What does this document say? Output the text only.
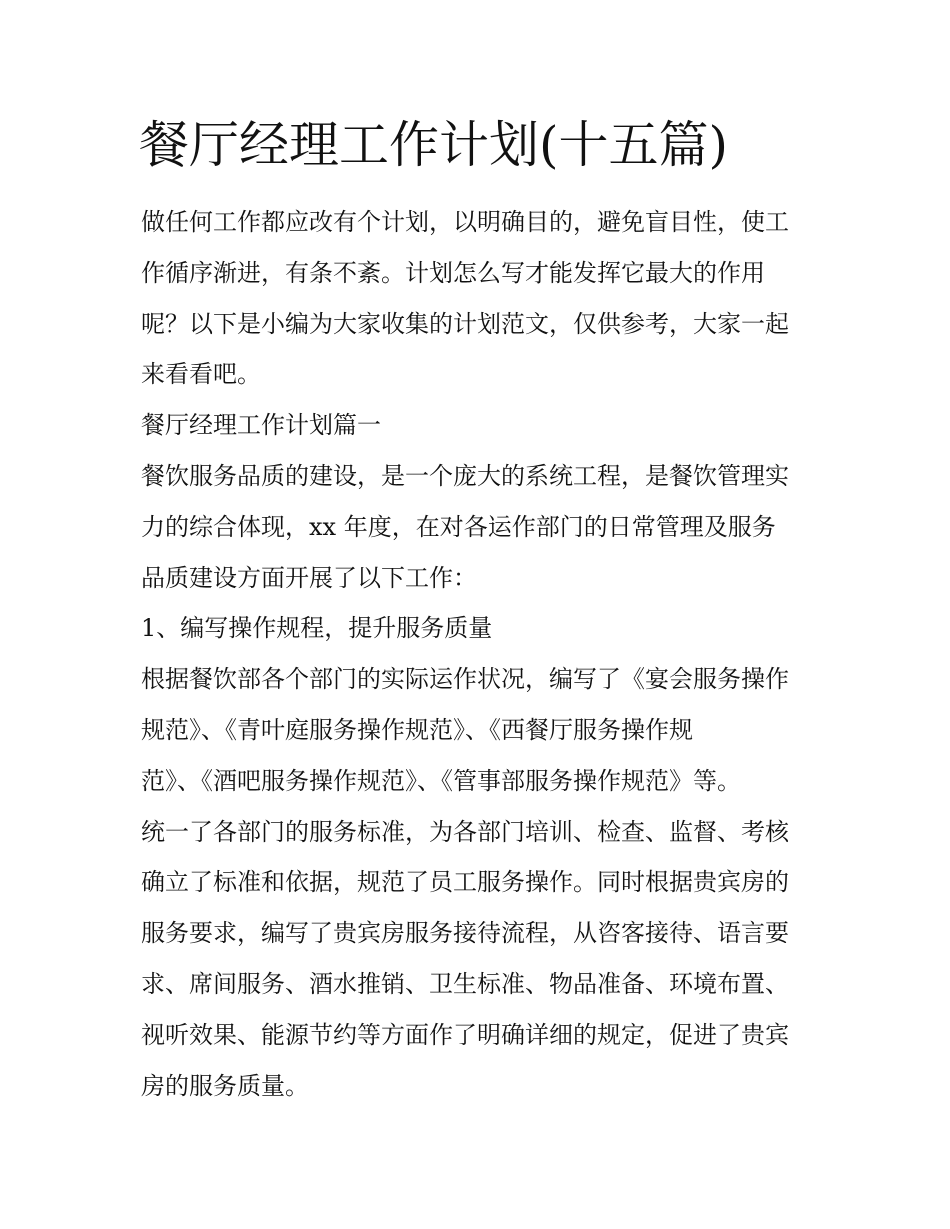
餐厅经理工作计划(十五篇)
做任何工作都应改有个计划，以明确目的，避免盲目性，使工
作循序渐进，有条不紊。计划怎么写才能发挥它最大的作用
呢？以下是小编为大家收集的计划范文，仅供参考，大家一起
来看看吧。
餐厅经理工作计划篇一
餐饮服务品质的建设，是一个庞大的系统工程，是餐饮管理实
力的综合体现，xx 年度，在对各运作部门的日常管理及服务
品质建设方面开展了以下工作：
1、编写操作规程，提升服务质量
根据餐饮部各个部门的实际运作状况，编写了《宴会服务操作
规范》、《青叶庭服务操作规范》、《西餐厅服务操作规
范》、《酒吧服务操作规范》、《管事部服务操作规范》等。
统一了各部门的服务标准，为各部门培训、检查、监督、考核
确立了标准和依据，规范了员工服务操作。同时根据贵宾房的
服务要求，编写了贵宾房服务接待流程，从咨客接待、语言要
求、席间服务、酒水推销、卫生标准、物品准备、环境布置、
视听效果、能源节约等方面作了明确详细的规定，促进了贵宾
房的服务质量。
